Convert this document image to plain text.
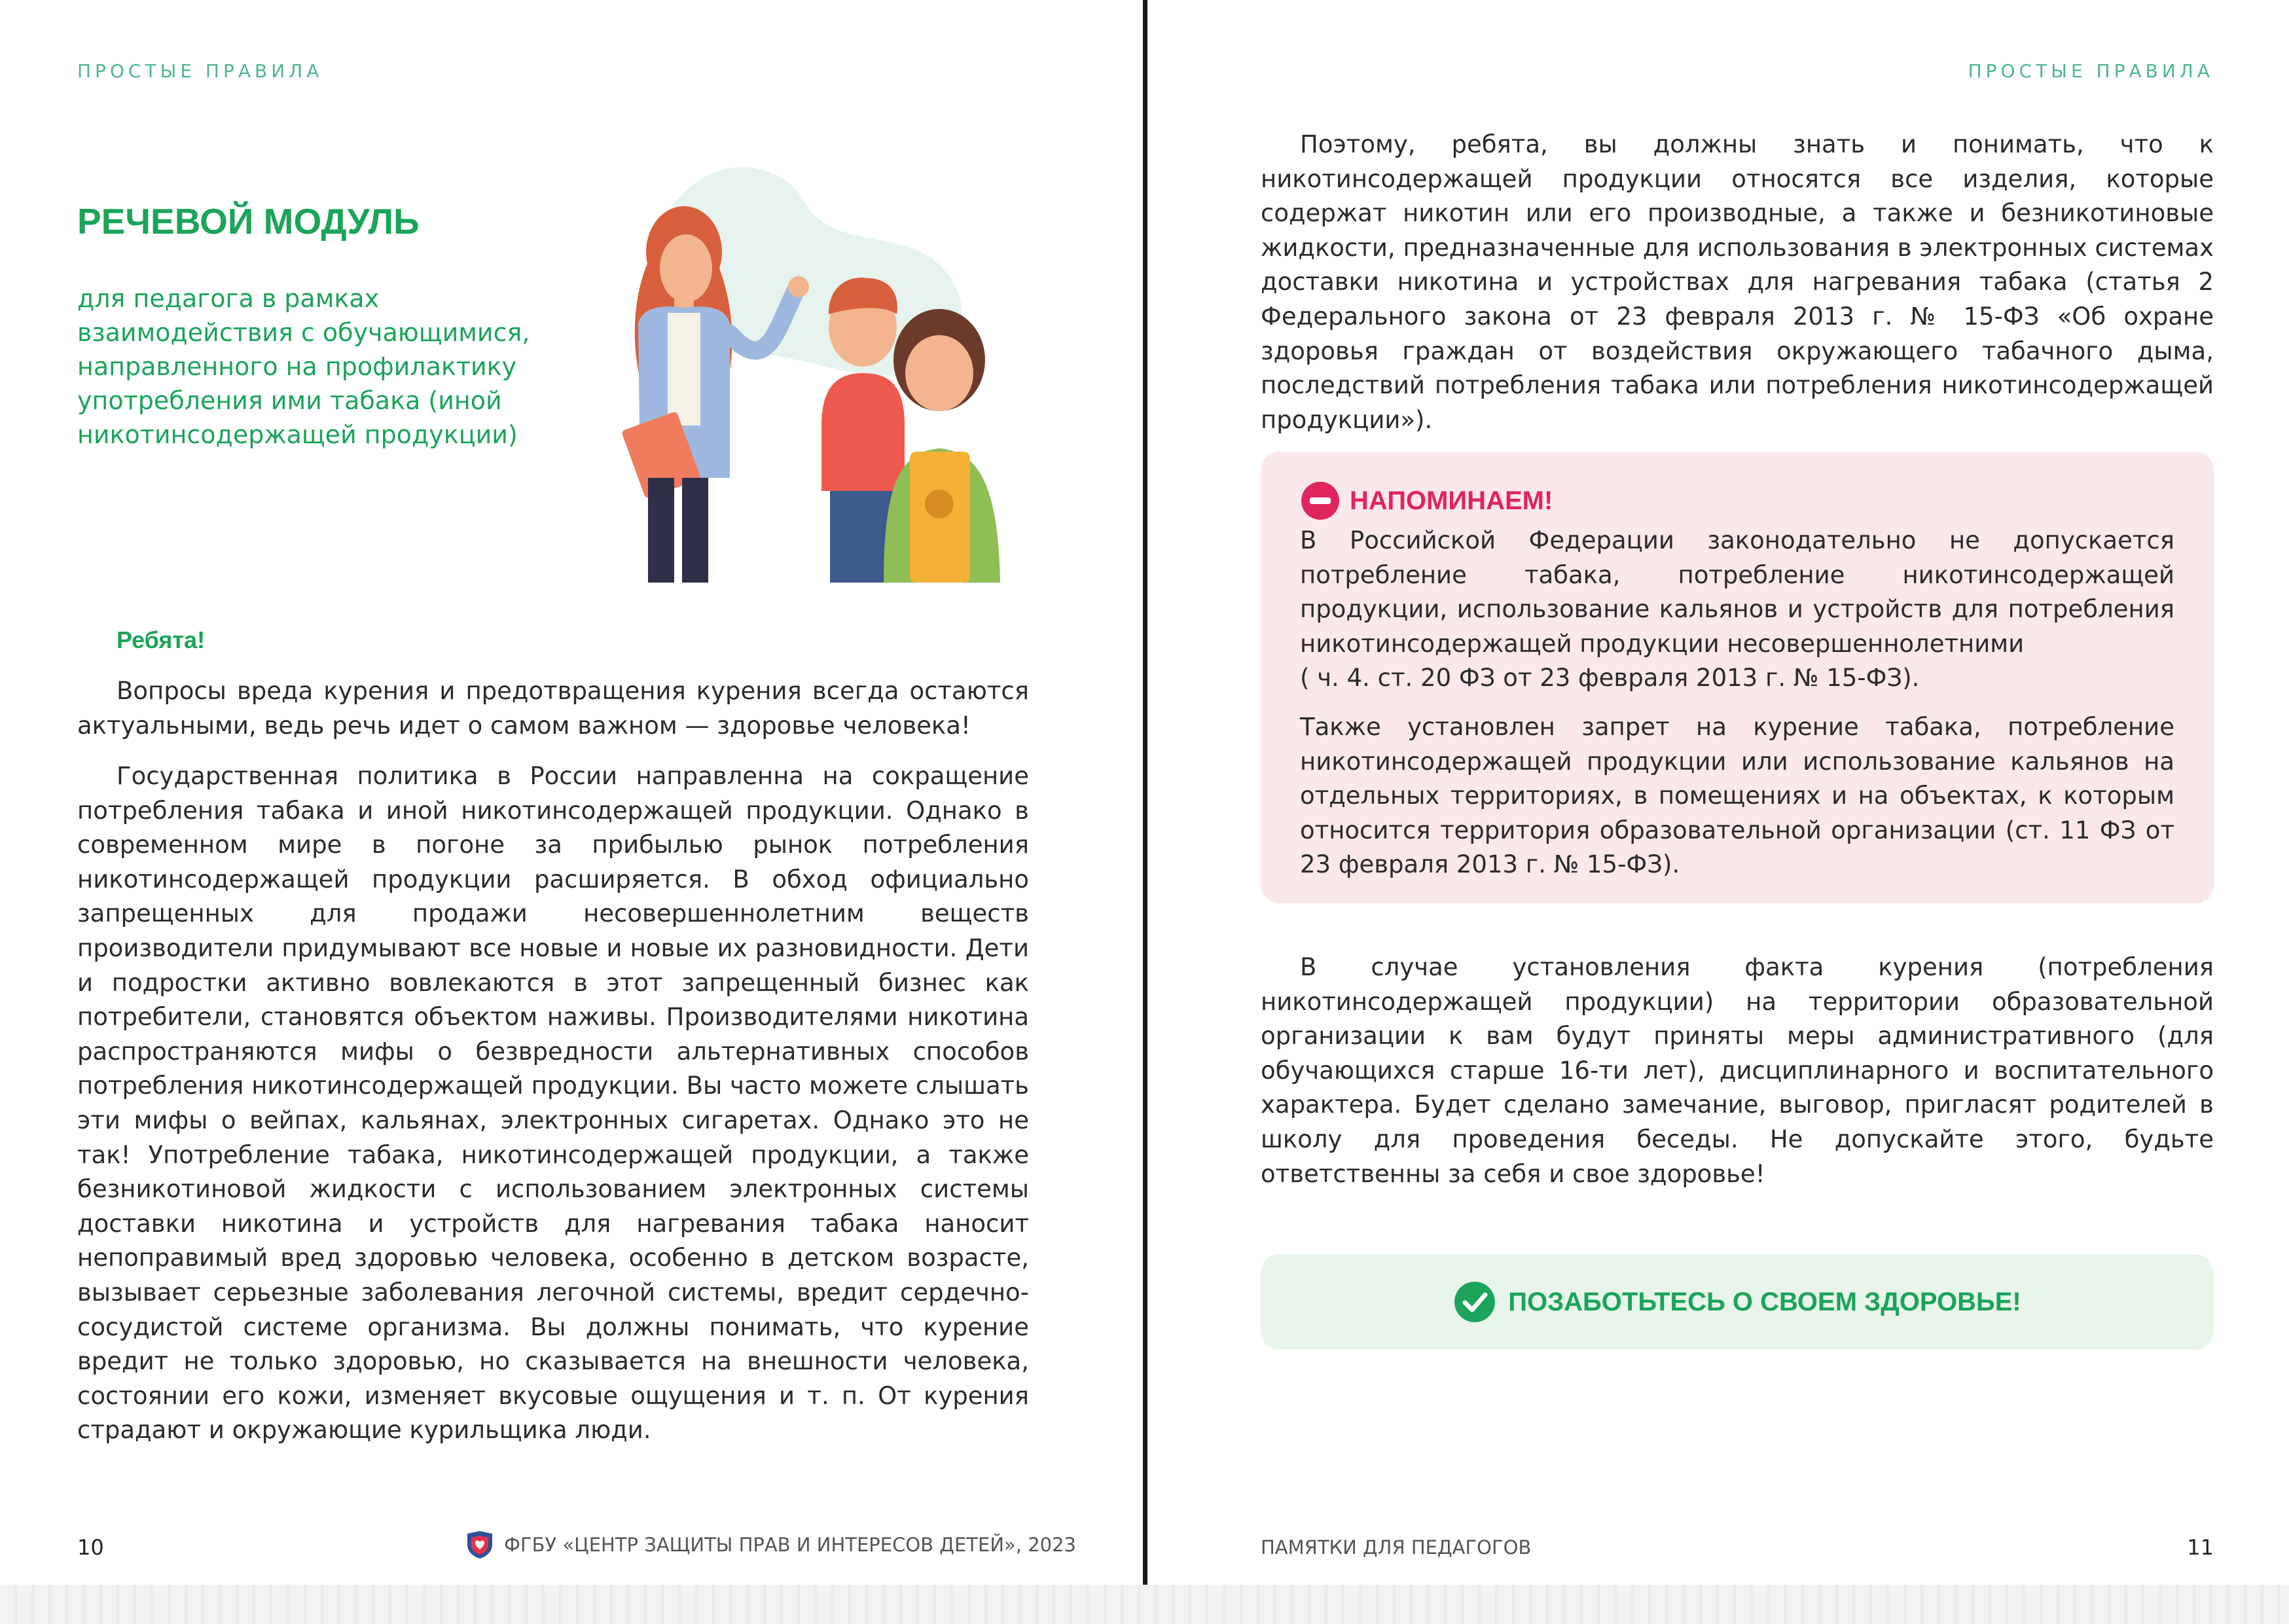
ПРОСТЫЕ ПРАВИЛА
РЕЧЕВОЙ МОДУЛЬ
для педагога в рамках взаимодействия с обучающимися, направленного на профилактику употребления ими табака (иной никотинсодержащей продукции)
Ребята!

Вопросы вреда курения и предотвращения курения всегда остаются актуальными, ведь речь идет о самом важном — здоровье человека!

Государственная политика в России направленна на сокращение потребления табака и иной никотинсодержащей продукции. Однако в современном мире в погоне за прибылью рынок потребления никотинсодержащей продукции расширяется. В обход официально запрещенных для продажи несовершеннолетним веществ производители придумывают все новые и новые их разновидности. Дети и подростки активно вовлекаются в этот запрещенный бизнес как потребители, становятся объектом наживы. Производителями никотина распространяются мифы о безвредности альтернативных способов потребления никотинсодержащей продукции. Вы часто можете слышать эти мифы о вейпах, кальянах, электронных сигаретах. Однако это не так! Употребление табака, никотинсодержащей продукции, а также безникотиновой жидкости с использованием электронных системы доставки никотина и устройств для нагревания табака наносит непоправимый вред здоровью человека, особенно в детском возрасте, вызывает серьезные заболевания легочной системы, вредит сердечно-сосудистой системе организма. Вы должны понимать, что курение вредит не только здоровью, но сказывается на внешности человека, состоянии его кожи, изменяет вкусовые ощущения и т. п. От курения страдают и окружающие курильщика люди.

10	ФГБУ «ЦЕНТР ЗАЩИТЫ ПРАВ И ИНТЕРЕСОВ ДЕТЕЙ», 2023
ПРОСТЫЕ ПРАВИЛА

Поэтому, ребята, вы должны знать и понимать, что к никотинсодержащей продукции относятся все изделия, которые содержат никотин или его производные, а также и безникотиновые жидкости, предназначенные для использования в электронных системах доставки никотина и устройствах для нагревания табака (статья 2 Федерального закона от 23 февраля 2013 г. № 15-ФЗ «Об охране здоровья граждан от воздействия окружающего табачного дыма, последствий потребления табака или потребления никотинсодержащей продукции»).

НАПОМИНАЕМ!
В Российской Федерации законодательно не допускается потребление табака, потребление никотинсодержащей продукции, использование кальянов и устройств для потребления никотинсодержащей продукции несовершеннолетними
( ч. 4. ст. 20 ФЗ от 23 февраля 2013 г. № 15-ФЗ).

Также установлен запрет на курение табака, потребление никотинсодержащей продукции или использование кальянов на отдельных территориях, в помещениях и на объектах, к которым относится территория образовательной организации (ст. 11 ФЗ от 23 февраля 2013 г. № 15-ФЗ).

В случае установления факта курения (потребления никотинсодержащей продукции) на территории образовательной организации к вам будут приняты меры административного (для обучающихся старше 16-ти лет), дисциплинарного и воспитательного характера. Будет сделано замечание, выговор, пригласят родителей в школу для проведения беседы. Не допускайте этого, будьте ответственны за себя и свое здоровье!

ПОЗАБОТЬТЕСЬ О СВОЕМ ЗДОРОВЬЕ!
ПАМЯТКИ ДЛЯ ПЕДАГОГОВ	11
